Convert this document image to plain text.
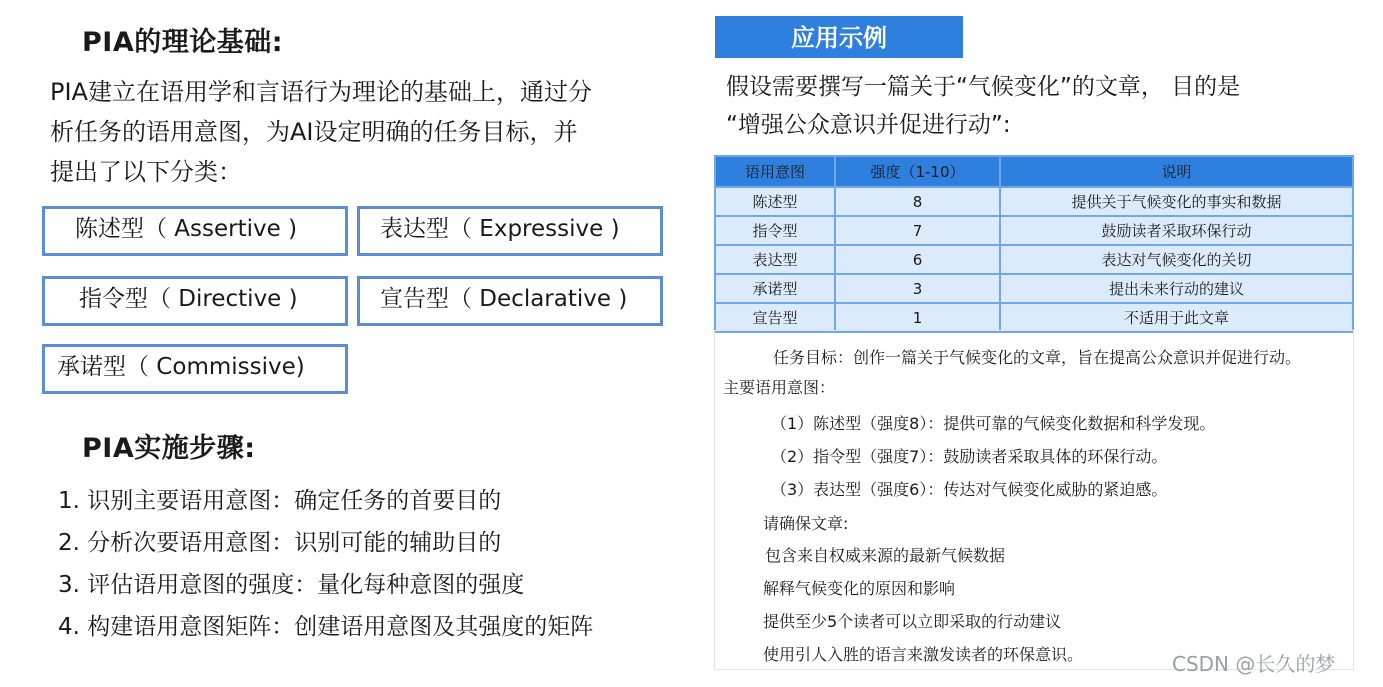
PIA的理论基础:
PIA建立在语用学和言语行为理论的基础上，通过分
析任务的语用意图，为AI设定明确的任务目标，并
提出了以下分类：
陈述型（ Assertive )	表达型（ Expressive )
指令型（ Directive )	宣告型（ Declarative )
承诺型（ Commissive)
PIA实施步骤:
1. 识别主要语用意图：确定任务的首要目的
2. 分析次要语用意图：识别可能的辅助目的
3. 评估语用意图的强度：量化每种意图的强度
4. 构建语用意图矩阵：创建语用意图及其强度的矩阵
应用示例
假设需要撰写一篇关于“气候变化”的文章， 目的是
“增强公众意识并促进行动”:
语用意图	强度（1-10）	说明
陈述型	8	提供关于气候变化的事实和数据
指令型	7	鼓励读者采取环保行动
表达型	6	表达对气候变化的关切
承诺型	3	提出未来行动的建议
宣告型	1	不适用于此文章
任务目标：创作一篇关于气候变化的文章，旨在提高公众意识并促进行动。
主要语用意图：
（1）陈述型（强度8）：提供可靠的气候变化数据和科学发现。
（2）指令型（强度7）：鼓励读者采取具体的环保行动。
（3）表达型（强度6）：传达对气候变化威胁的紧迫感。
请确保文章:
包含来自权威来源的最新气候数据
解释气候变化的原因和影响
提供至少5个读者可以立即采取的行动建议
使用引人入胜的语言来激发读者的环保意识。	CSDN @长久的梦
